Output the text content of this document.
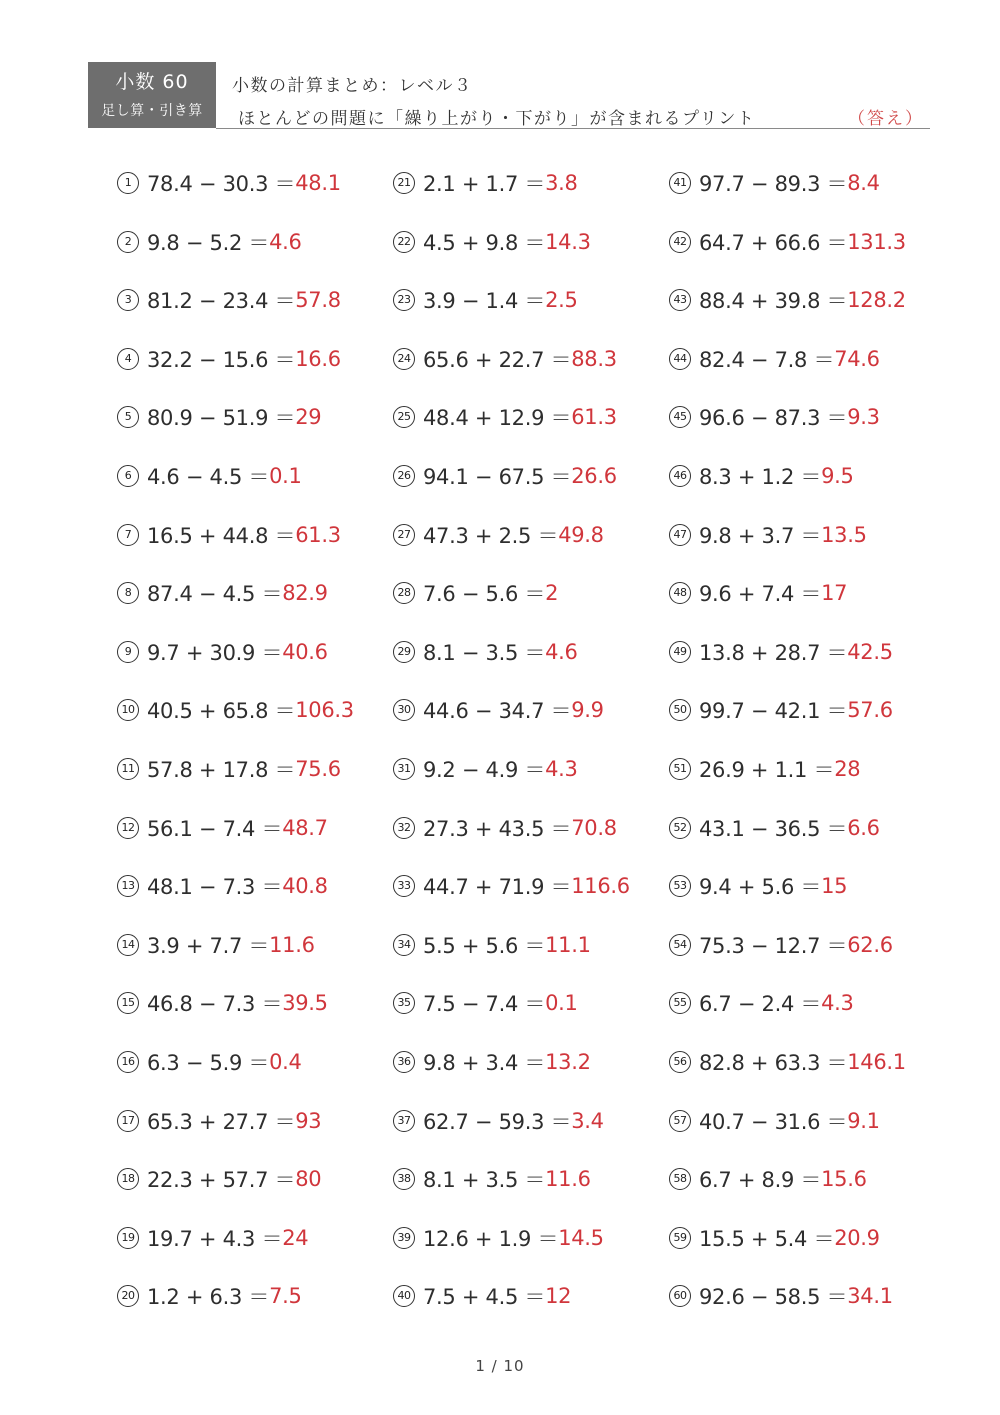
小数 60
足し算・引き算
小数の計算まとめ：レベル３
ほとんどの問題に「繰り上がり・下がり」が含まれるプリント	（答え）
1 78.4 − 30.3 ＝ 48.1
2 9.8 − 5.2 ＝ 4.6
3 81.2 − 23.4 ＝ 57.8
4 32.2 − 15.6 ＝ 16.6
5 80.9 − 51.9 ＝ 29
6 4.6 − 4.5 ＝ 0.1
7 16.5 + 44.8 ＝ 61.3
8 87.4 − 4.5 ＝ 82.9
9 9.7 + 30.9 ＝ 40.6
10 40.5 + 65.8 ＝ 106.3
11 57.8 + 17.8 ＝ 75.6
12 56.1 − 7.4 ＝ 48.7
13 48.1 − 7.3 ＝ 40.8
14 3.9 + 7.7 ＝ 11.6
15 46.8 − 7.3 ＝ 39.5
16 6.3 − 5.9 ＝ 0.4
17 65.3 + 27.7 ＝ 93
18 22.3 + 57.7 ＝ 80
19 19.7 + 4.3 ＝ 24
20 1.2 + 6.3 ＝ 7.5
21 2.1 + 1.7 ＝ 3.8
22 4.5 + 9.8 ＝ 14.3
23 3.9 − 1.4 ＝ 2.5
24 65.6 + 22.7 ＝ 88.3
25 48.4 + 12.9 ＝ 61.3
26 94.1 − 67.5 ＝ 26.6
27 47.3 + 2.5 ＝ 49.8
28 7.6 − 5.6 ＝ 2
29 8.1 − 3.5 ＝ 4.6
30 44.6 − 34.7 ＝ 9.9
31 9.2 − 4.9 ＝ 4.3
32 27.3 + 43.5 ＝ 70.8
33 44.7 + 71.9 ＝ 116.6
34 5.5 + 5.6 ＝ 11.1
35 7.5 − 7.4 ＝ 0.1
36 9.8 + 3.4 ＝ 13.2
37 62.7 − 59.3 ＝ 3.4
38 8.1 + 3.5 ＝ 11.6
39 12.6 + 1.9 ＝ 14.5
40 7.5 + 4.5 ＝ 12
41 97.7 − 89.3 ＝ 8.4
42 64.7 + 66.6 ＝ 131.3
43 88.4 + 39.8 ＝ 128.2
44 82.4 − 7.8 ＝ 74.6
45 96.6 − 87.3 ＝ 9.3
46 8.3 + 1.2 ＝ 9.5
47 9.8 + 3.7 ＝ 13.5
48 9.6 + 7.4 ＝ 17
49 13.8 + 28.7 ＝ 42.5
50 99.7 − 42.1 ＝ 57.6
51 26.9 + 1.1 ＝ 28
52 43.1 − 36.5 ＝ 6.6
53 9.4 + 5.6 ＝ 15
54 75.3 − 12.7 ＝ 62.6
55 6.7 − 2.4 ＝ 4.3
56 82.8 + 63.3 ＝ 146.1
57 40.7 − 31.6 ＝ 9.1
58 6.7 + 8.9 ＝ 15.6
59 15.5 + 5.4 ＝ 20.9
60 92.6 − 58.5 ＝ 34.1
1 / 10
